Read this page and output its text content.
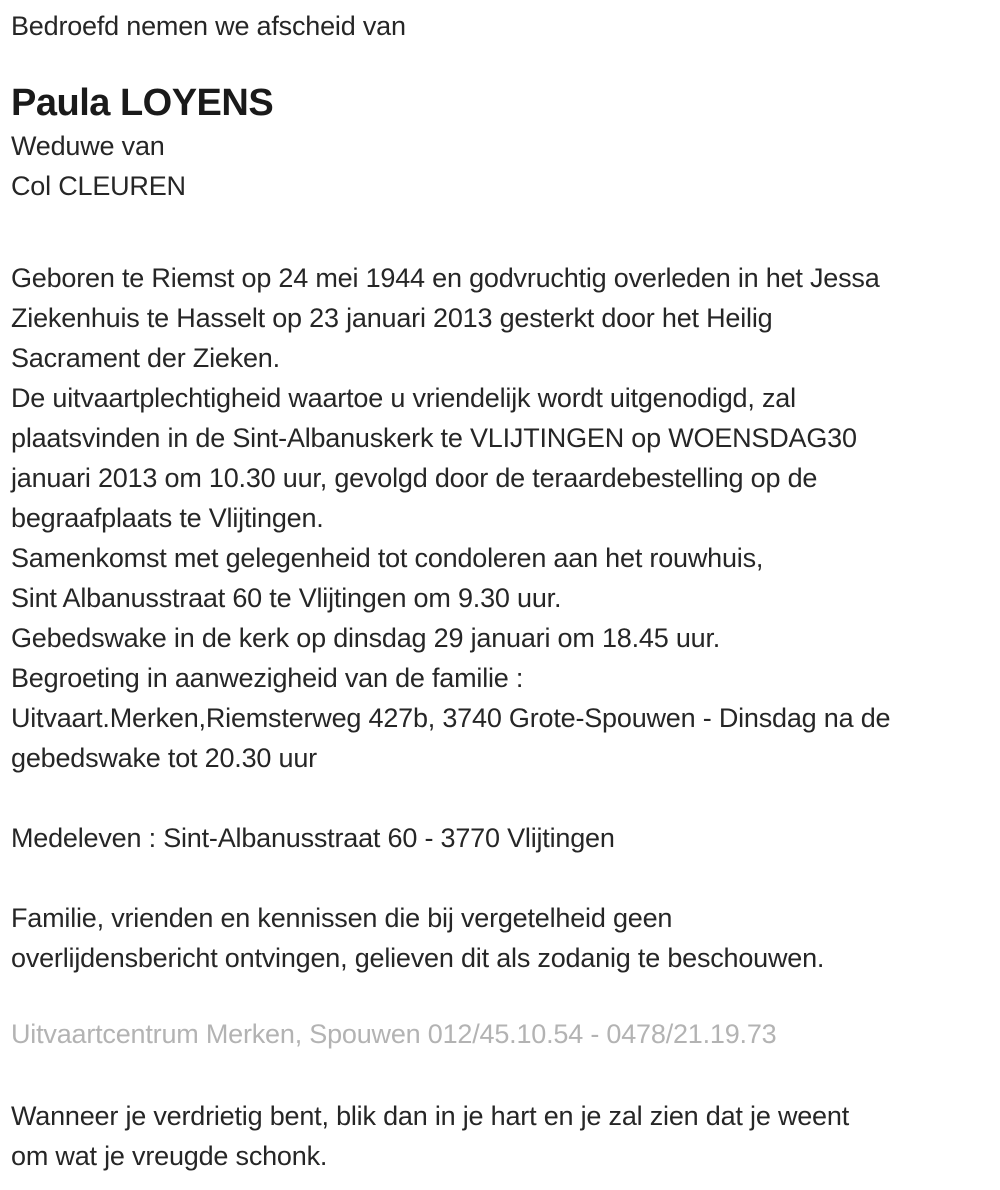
Bedroefd nemen we afscheid van
Paula LOYENS
Weduwe van
Col CLEUREN
Geboren te Riemst op 24 mei 1944 en godvruchtig overleden in het Jessa
Ziekenhuis te Hasselt op 23 januari 2013 gesterkt door het Heilig
Sacrament der Zieken.
De uitvaartplechtigheid waartoe u vriendelijk wordt uitgenodigd, zal
plaatsvinden in de Sint-Albanuskerk te VLIJTINGEN op WOENSDAG30
januari 2013 om 10.30 uur, gevolgd door de teraardebestelling op de
begraafplaats te Vlijtingen.
Samenkomst met gelegenheid tot condoleren aan het rouwhuis,
Sint Albanusstraat 60 te Vlijtingen om 9.30 uur.
Gebedswake in de kerk op dinsdag 29 januari om 18.45 uur.
Begroeting in aanwezigheid van de familie :
Uitvaart.Merken,Riemsterweg 427b, 3740 Grote-Spouwen - Dinsdag na de
gebedswake tot 20.30 uur
Medeleven : Sint-Albanusstraat 60 - 3770 Vlijtingen
Familie, vrienden en kennissen die bij vergetelheid geen
overlijdensbericht ontvingen, gelieven dit als zodanig te beschouwen.
Uitvaartcentrum Merken, Spouwen 012/45.10.54 - 0478/21.19.73
Wanneer je verdrietig bent, blik dan in je hart en je zal zien dat je weent
om wat je vreugde schonk.
